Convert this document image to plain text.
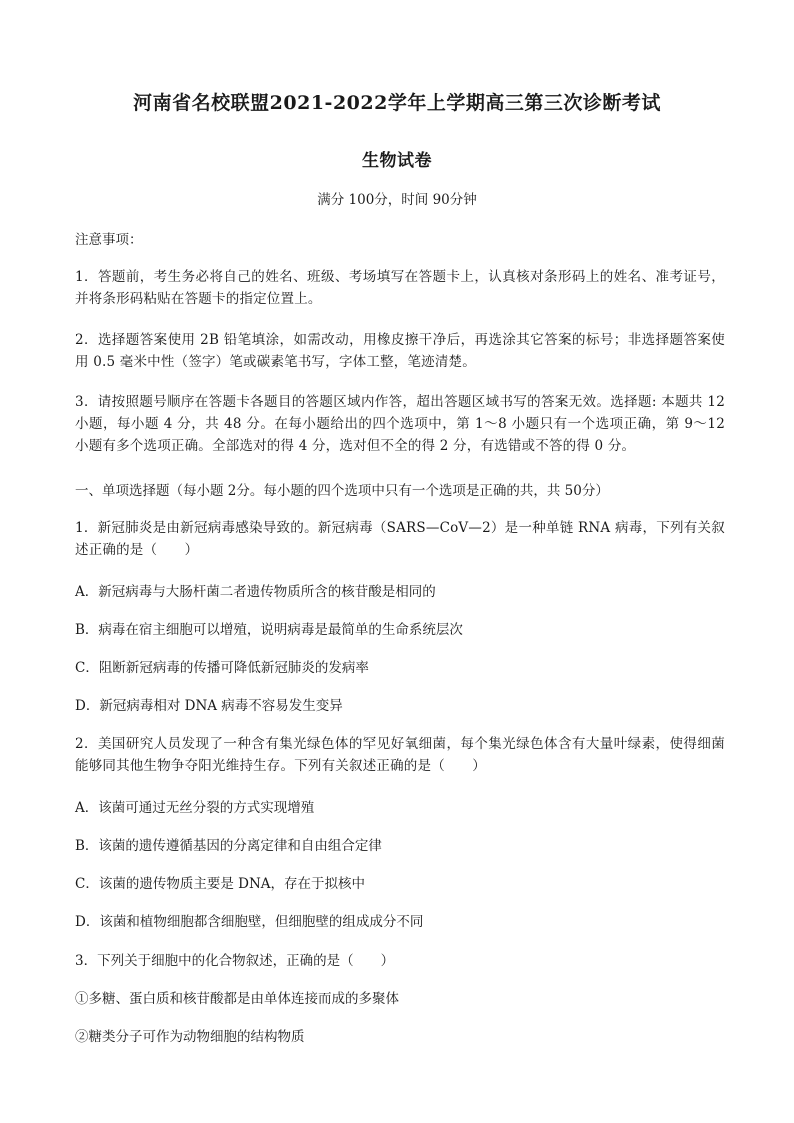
河南省名校联盟2021-2022学年上学期高三第三次诊断考试
生物试卷
满分 100分，时间 90分钟
注意事项：
1．答题前，考生务必将自己的姓名、班级、考场填写在答题卡上，认真核对条形码上的姓名、准考证号，并将条形码粘贴在答题卡的指定位置上。
2．选择题答案使用 2B 铅笔填涂，如需改动，用橡皮擦干净后，再选涂其它答案的标号；非选择题答案使用 0.5 毫米中性（签字）笔或碳素笔书写，字体工整，笔迹清楚。
3．请按照题号顺序在答题卡各题目的答题区域内作答，超出答题区域书写的答案无效。选择题: 本题共 12 小题，每小题 4 分，共 48 分。在每小题给出的四个选项中，第 1～8 小题只有一个选项正确，第 9～12 小题有多个选项正确。全部选对的得 4 分，选对但不全的得 2 分，有选错或不答的得 0 分。
一、单项选择题（每小题 2分。每小题的四个选项中只有一个选项是正确的共，共 50分）
1．新冠肺炎是由新冠病毒感染导致的。新冠病毒（SARS—CoV—2）是一种单链 RNA 病毒，下列有关叙述正确的是（　　）
A．新冠病毒与大肠杆菌二者遗传物质所含的核苷酸是相同的
B．病毒在宿主细胞可以增殖，说明病毒是最简单的生命系统层次
C．阻断新冠病毒的传播可降低新冠肺炎的发病率
D．新冠病毒相对 DNA 病毒不容易发生变异
2．美国研究人员发现了一种含有集光绿色体的罕见好氧细菌，每个集光绿色体含有大量叶绿素，使得细菌能够同其他生物争夺阳光维持生存。下列有关叙述正确的是（　　）
A．该菌可通过无丝分裂的方式实现增殖
B．该菌的遗传遵循基因的分离定律和自由组合定律
C．该菌的遗传物质主要是 DNA，存在于拟核中
D．该菌和植物细胞都含细胞壁，但细胞壁的组成成分不同
3．下列关于细胞中的化合物叙述，正确的是（　　）
①多糖、蛋白质和核苷酸都是由单体连接而成的多聚体
②糖类分子可作为动物细胞的结构物质
